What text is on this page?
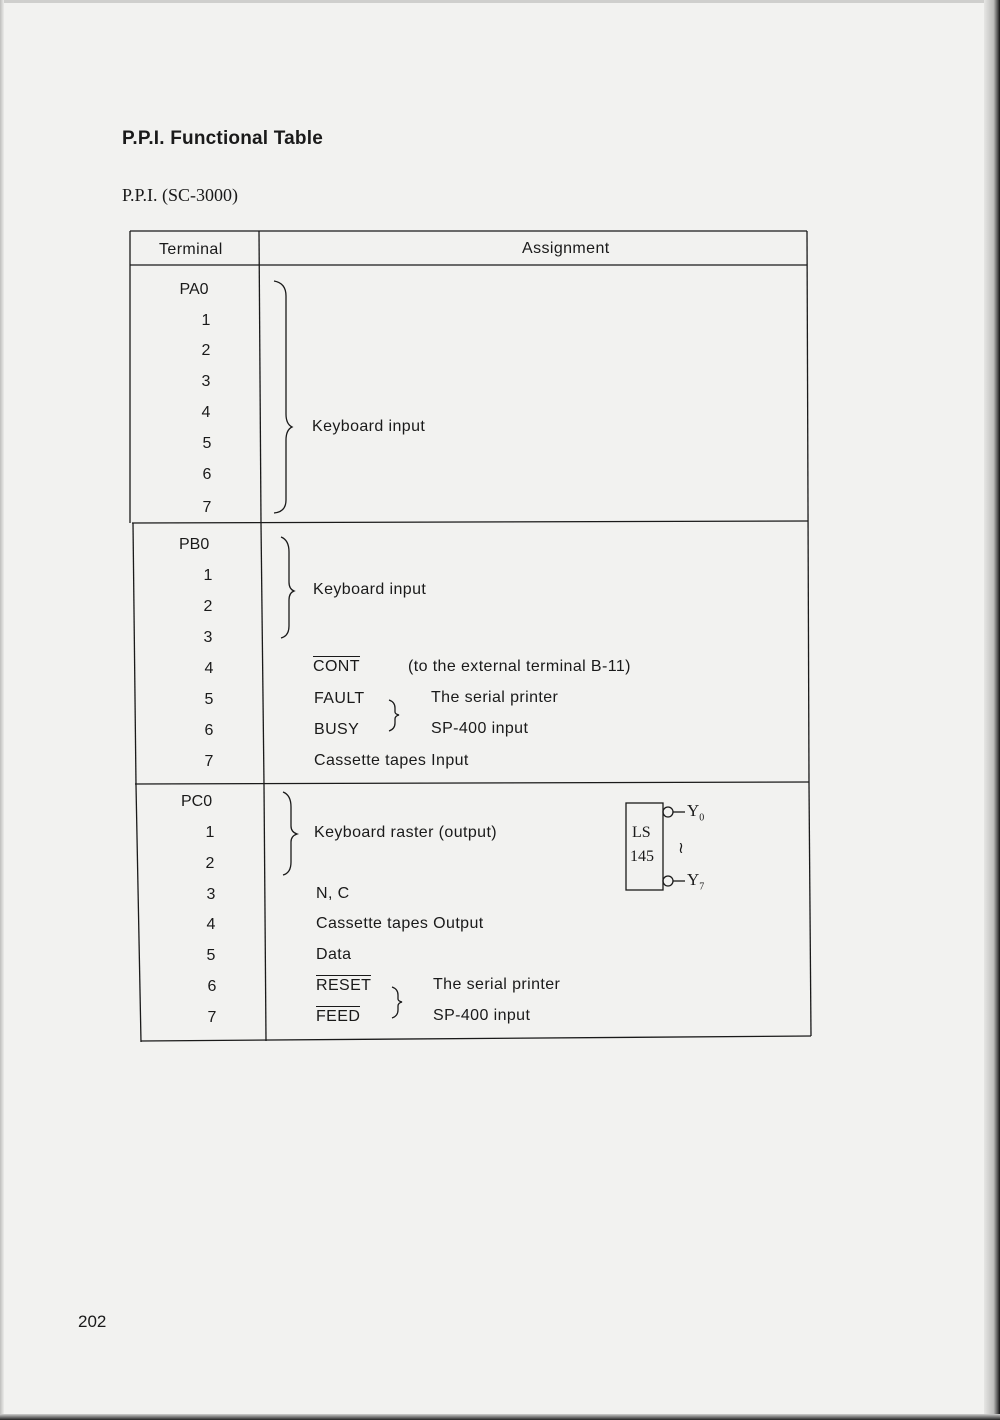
P.P.I. Functional Table
P.P.I. (SC-3000)
Terminal	Assignment
PA0
1
2
3
4
5
6
7
Keyboard input
PB0
1
2
3
4
5
6
7
Keyboard input
CONT	(to the external terminal B-11)
FAULT
BUSY
The serial printer
SP-400 input
Cassette tapes Input
PC0
1
2
3
4
5
6
7
Keyboard raster (output)
N, C
Cassette tapes Output
Data
RESET
FEED
The serial printer
SP-400 input
LS
145
$Y_0$
$Y_7$
≀
202
